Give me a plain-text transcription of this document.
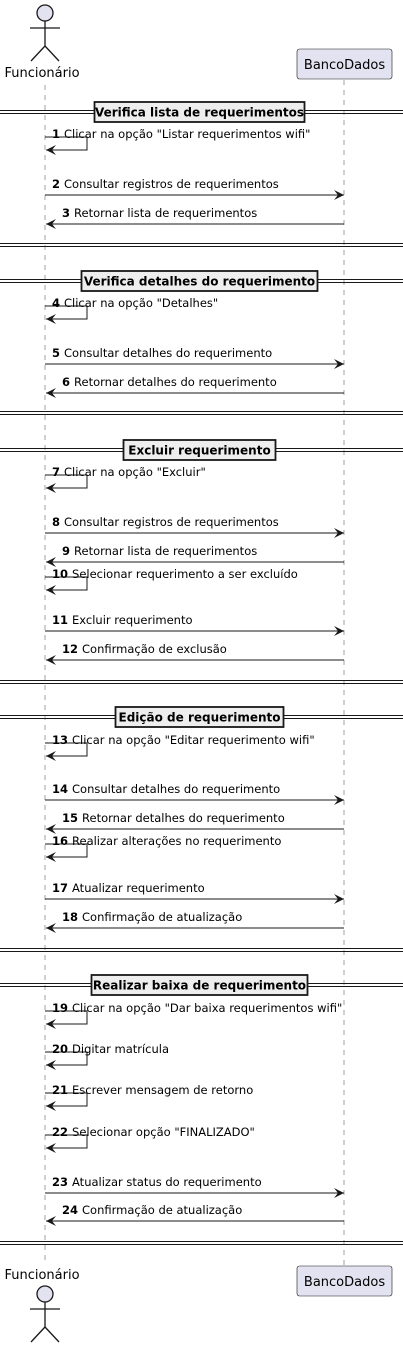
Funcionário
BancoDados
Funcionário	BancoDados
Verifica lista de requerimentos
1 Clicar na opção "Listar requerimentos wifi"
2 Consultar registros de requerimentos
3 Retornar lista de requerimentos
Verifica detalhes do requerimento
4 Clicar na opção "Detalhes"
5 Consultar detalhes do requerimento
6 Retornar detalhes do requerimento
Excluir requerimento
7 Clicar na opção "Excluir"
8 Consultar registros de requerimentos
9 Retornar lista de requerimentos
10 Selecionar requerimento a ser excluído
11 Excluir requerimento
12 Confirmação de exclusão
Edição de requerimento
13 Clicar na opção "Editar requerimento wifi"
14 Consultar detalhes do requerimento
15 Retornar detalhes do requerimento
16 Realizar alterações no requerimento
17 Atualizar requerimento
18 Confirmação de atualização
Realizar baixa de requerimento
19 Clicar na opção "Dar baixa requerimentos wifi"
20 Digitar matrícula
21 Escrever mensagem de retorno
22 Selecionar opção "FINALIZADO"
23 Atualizar status do requerimento
24 Confirmação de atualização
